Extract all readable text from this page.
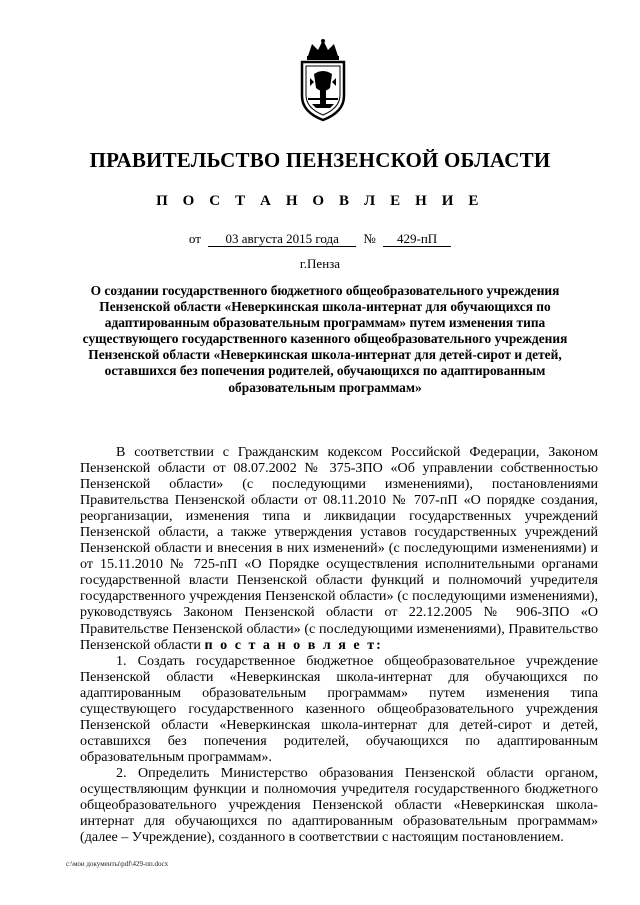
ПРАВИТЕЛЬСТВО ПЕНЗЕНСКОЙ ОБЛАСТИ
П О С Т А Н О В Л Е Н И Е
от 03 августа 2015 года № 429-пП
г.Пенза
О создании государственного бюджетного общеобразовательного учреждения Пензенской области «Неверкинская школа-интернат для обучающихся по адаптированным образовательным программам» путем изменения типа существующего государственного казенного общеобразовательного учреждения Пензенской области «Неверкинская школа-интернат для детей-сирот и детей, оставшихся без попечения родителей, обучающихся по адаптированным образовательным программам»

В соответствии с Гражданским кодексом Российской Федерации, Законом Пензенской области от 08.07.2002 № 375-ЗПО «Об управлении собственностью Пензенской области» (с последующими изменениями), постановлениями Правительства Пензенской области от 08.11.2010 № 707-пП «О порядке создания, реорганизации, изменения типа и ликвидации государственных учреждений Пензенской области, а также утверждения уставов государственных учреждений Пензенской области и внесения в них изменений» (с последующими изменениями) и от 15.11.2010 № 725-пП «О Порядке осуществления исполнительными органами государственной власти Пензенской области функций и полномочий учредителя государственного учреждения Пензенской области» (с последующими изменениями), руководствуясь Законом Пензенской области от 22.12.2005 № 906-ЗПО «О Правительстве Пензенской области» (с последующими изменениями), Правительство Пензенской области п о с т а н о в л я е т:

1. Создать государственное бюджетное общеобразовательное учреждение Пензенской области «Неверкинская школа-интернат для обучающихся по адаптированным образовательным программам» путем изменения типа существующего государственного казенного общеобразовательного учреждения Пензенской области «Неверкинская школа-интернат для детей-сирот и детей, оставшихся без попечения родителей, обучающихся по адаптированным образовательным программам».

2. Определить Министерство образования Пензенской области органом, осуществляющим функции и полномочия учредителя государственного бюджетного общеобразовательного учреждения Пензенской области «Неверкинская школа-интернат для обучающихся по адаптированным образовательным программам» (далее – Учреждение), созданного в соответствии с настоящим постановлением.

c:\мои документы\pdf\429-пп.docx
